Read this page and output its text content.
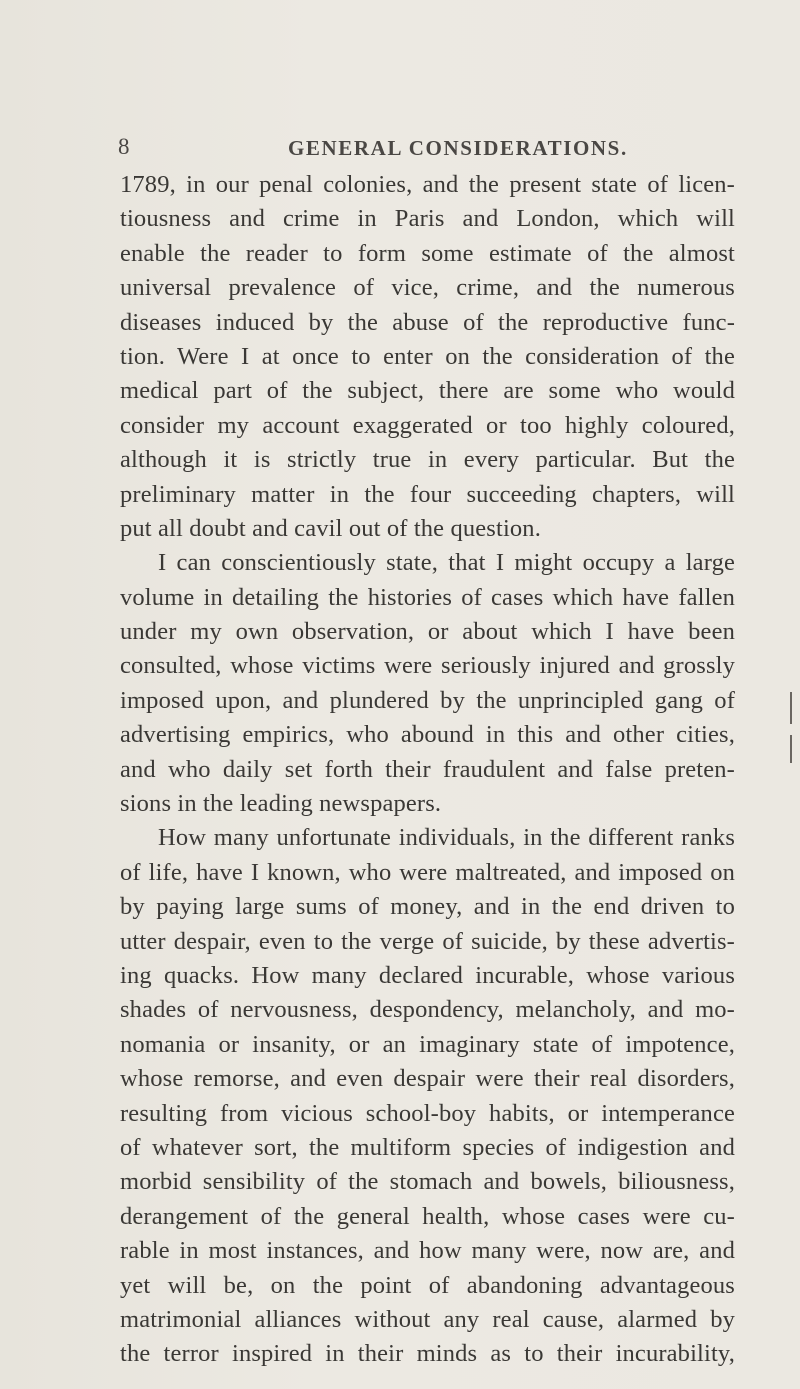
8	GENERAL CONSIDERATIONS.
1789, in our penal colonies, and the present state of licen-
tiousness and crime in Paris and London, which will
enable the reader to form some estimate of the almost
universal prevalence of vice, crime, and the numerous
diseases induced by the abuse of the reproductive func-
tion. Were I at once to enter on the consideration of the
medical part of the subject, there are some who would
consider my account exaggerated or too highly coloured,
although it is strictly true in every particular. But the
preliminary matter in the four succeeding chapters, will
put all doubt and cavil out of the question.
I can conscientiously state, that I might occupy a large
volume in detailing the histories of cases which have fallen
under my own observation, or about which I have been
consulted, whose victims were seriously injured and grossly
imposed upon, and plundered by the unprincipled gang of
advertising empirics, who abound in this and other cities,
and who daily set forth their fraudulent and false preten-
sions in the leading newspapers.
How many unfortunate individuals, in the different ranks
of life, have I known, who were maltreated, and imposed on
by paying large sums of money, and in the end driven to
utter despair, even to the verge of suicide, by these advertis-
ing quacks. How many declared incurable, whose various
shades of nervousness, despondency, melancholy, and mo-
nomania or insanity, or an imaginary state of impotence,
whose remorse, and even despair were their real disorders,
resulting from vicious school-boy habits, or intemperance
of whatever sort, the multiform species of indigestion and
morbid sensibility of the stomach and bowels, biliousness,
derangement of the general health, whose cases were cu-
rable in most instances, and how many were, now are, and
yet will be, on the point of abandoning advantageous
matrimonial alliances without any real cause, alarmed by
the terror inspired in their minds as to their incurability,
